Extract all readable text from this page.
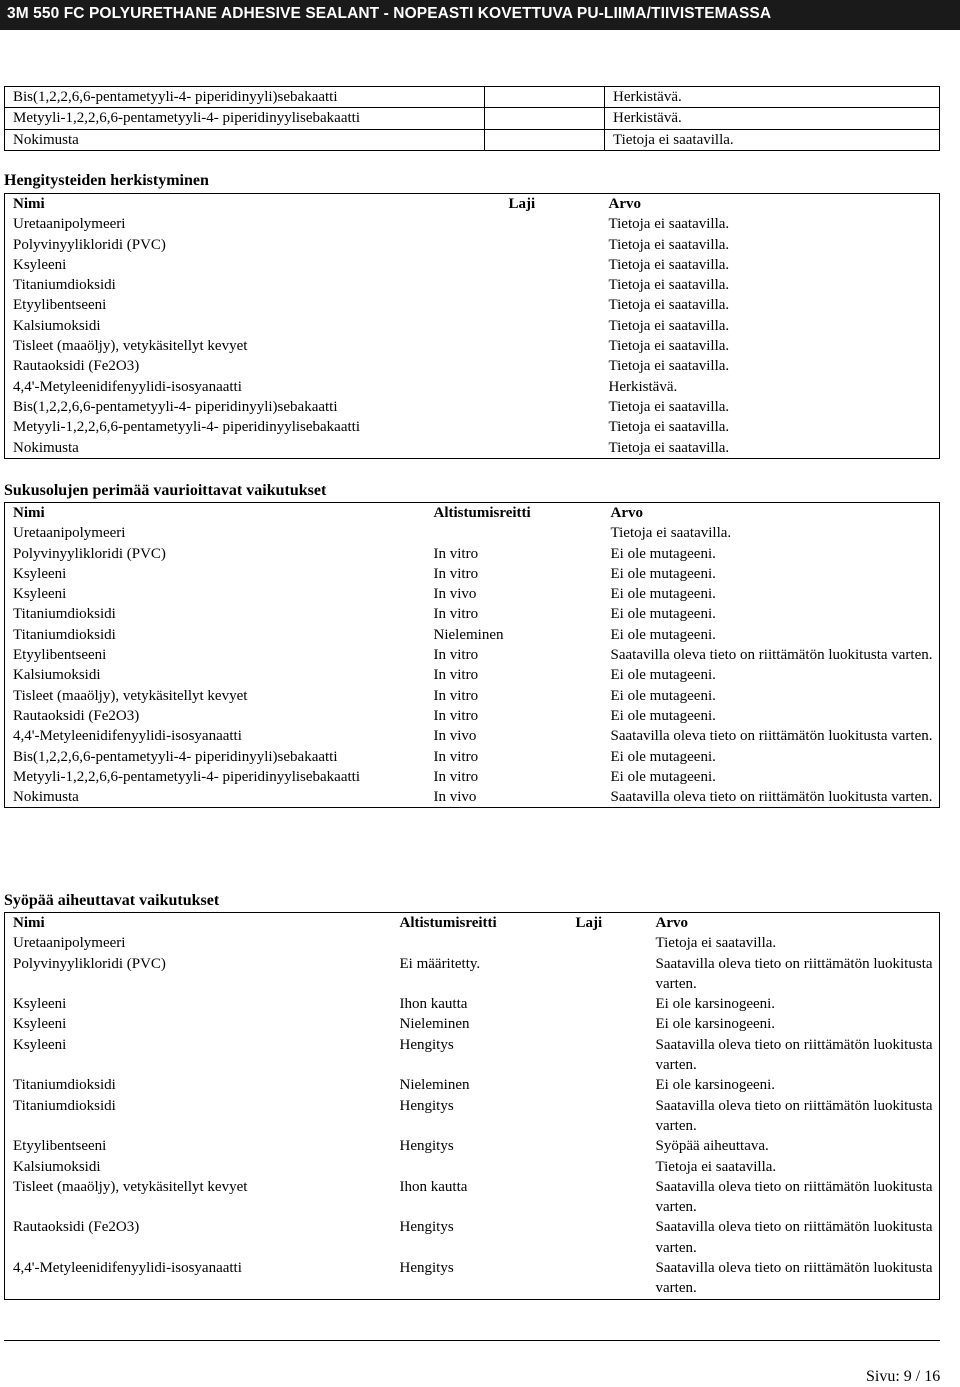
3M 550 FC POLYURETHANE ADHESIVE SEALANT - NOPEASTI KOVETTUVA PU-LIIMA/TIIVISTEMASSA
Bis(1,2,2,6,6-pentametyyli-4- piperidinyyli)sebakaatti		Herkistävä.
Metyyli-1,2,2,6,6-pentametyyli-4- piperidinyylisebakaatti		Herkistävä.
Nokimusta		Tietoja ei saatavilla.
Hengitysteiden herkistyminen
Nimi	Laji	Arvo
Uretaanipolymeeri		Tietoja ei saatavilla.
Polyvinyylikloridi (PVC)		Tietoja ei saatavilla.
Ksyleeni		Tietoja ei saatavilla.
Titaniumdioksidi		Tietoja ei saatavilla.
Etyylibentseeni		Tietoja ei saatavilla.
Kalsiumoksidi		Tietoja ei saatavilla.
Tisleet (maaöljy), vetykäsitellyt kevyet		Tietoja ei saatavilla.
Rautaoksidi (Fe2O3)		Tietoja ei saatavilla.
4,4'-Metyleenidifenyylidi-isosyanaatti		Herkistävä.
Bis(1,2,2,6,6-pentametyyli-4- piperidinyyli)sebakaatti		Tietoja ei saatavilla.
Metyyli-1,2,2,6,6-pentametyyli-4- piperidinyylisebakaatti		Tietoja ei saatavilla.
Nokimusta		Tietoja ei saatavilla.
Sukusolujen perimää vaurioittavat vaikutukset
Nimi	Altistumisreitti	Arvo
Uretaanipolymeeri		Tietoja ei saatavilla.
Polyvinyylikloridi (PVC)	In vitro	Ei ole mutageeni.
Ksyleeni	In vitro	Ei ole mutageeni.
Ksyleeni	In vivo	Ei ole mutageeni.
Titaniumdioksidi	In vitro	Ei ole mutageeni.
Titaniumdioksidi	Nieleminen	Ei ole mutageeni.
Etyylibentseeni	In vitro	Saatavilla oleva tieto on riittämätön luokitusta varten.
Kalsiumoksidi	In vitro	Ei ole mutageeni.
Tisleet (maaöljy), vetykäsitellyt kevyet	In vitro	Ei ole mutageeni.
Rautaoksidi (Fe2O3)	In vitro	Ei ole mutageeni.
4,4'-Metyleenidifenyylidi-isosyanaatti	In vivo	Saatavilla oleva tieto on riittämätön luokitusta varten.
Bis(1,2,2,6,6-pentametyyli-4- piperidinyyli)sebakaatti	In vitro	Ei ole mutageeni.
Metyyli-1,2,2,6,6-pentametyyli-4- piperidinyylisebakaatti	In vitro	Ei ole mutageeni.
Nokimusta	In vivo	Saatavilla oleva tieto on riittämätön luokitusta varten.
Syöpää aiheuttavat vaikutukset
Nimi	Altistumisreitti	Laji	Arvo
Uretaanipolymeeri			Tietoja ei saatavilla.
Polyvinyylikloridi (PVC)	Ei määritetty.		Saatavilla oleva tieto on riittämätön luokitusta varten.
Ksyleeni	Ihon kautta		Ei ole karsinogeeni.
Ksyleeni	Nieleminen		Ei ole karsinogeeni.
Ksyleeni	Hengitys		Saatavilla oleva tieto on riittämätön luokitusta varten.
Titaniumdioksidi	Nieleminen		Ei ole karsinogeeni.
Titaniumdioksidi	Hengitys		Saatavilla oleva tieto on riittämätön luokitusta varten.
Etyylibentseeni	Hengitys		Syöpää aiheuttava.
Kalsiumoksidi			Tietoja ei saatavilla.
Tisleet (maaöljy), vetykäsitellyt kevyet	Ihon kautta		Saatavilla oleva tieto on riittämätön luokitusta varten.
Rautaoksidi (Fe2O3)	Hengitys		Saatavilla oleva tieto on riittämätön luokitusta varten.
4,4'-Metyleenidifenyylidi-isosyanaatti	Hengitys		Saatavilla oleva tieto on riittämätön luokitusta varten.
Sivu: 9 / 16
